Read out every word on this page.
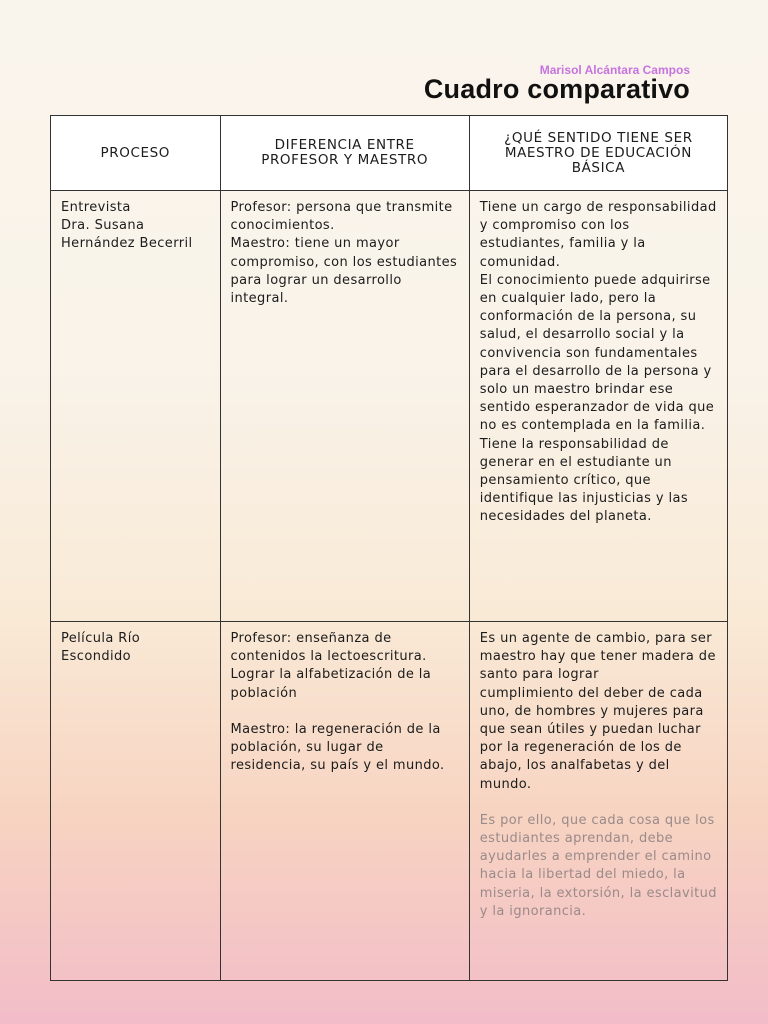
Marisol Alcántara Campos
Cuadro comparativo
PROCESO	DIFERENCIA ENTRE PROFESOR Y MAESTRO
¿QUÉ SENTIDO TIENE SER MAESTRO DE EDUCACIÓN BÁSICA
Entrevista
Dra. Susana Hernández Becerril
Profesor: persona que transmite conocimientos.
Maestro: tiene un mayor compromiso, con los estudiantes para lograr un desarrollo integral.
Tiene un cargo de responsabilidad y compromiso con los estudiantes, familia y la comunidad.
El conocimiento puede adquirirse en cualquier lado, pero la conformación de la persona, su salud, el desarrollo social y la convivencia son fundamentales para el desarrollo de la persona y solo un maestro brindar ese sentido esperanzador de vida que no es contemplada en la familia.
Tiene la responsabilidad de generar en el estudiante un pensamiento crítico, que identifique las injusticias y las necesidades del planeta.
Película Río Escondido

Profesor: enseñanza de contenidos la lectoescritura. Lograr la alfabetización de la población

Maestro: la regeneración de la población, su lugar de residencia, su país y el mundo.

Es un agente de cambio, para ser maestro hay que tener madera de santo para lograr
cumplimiento del deber de cada uno, de hombres y mujeres para que sean útiles y puedan luchar por la regeneración de los de abajo, los analfabetas y del mundo.

Es por ello, que cada cosa que los estudiantes aprendan, debe ayudarles a emprender el camino hacia la libertad del miedo, la miseria, la extorsión, la esclavitud y la ignorancia.
